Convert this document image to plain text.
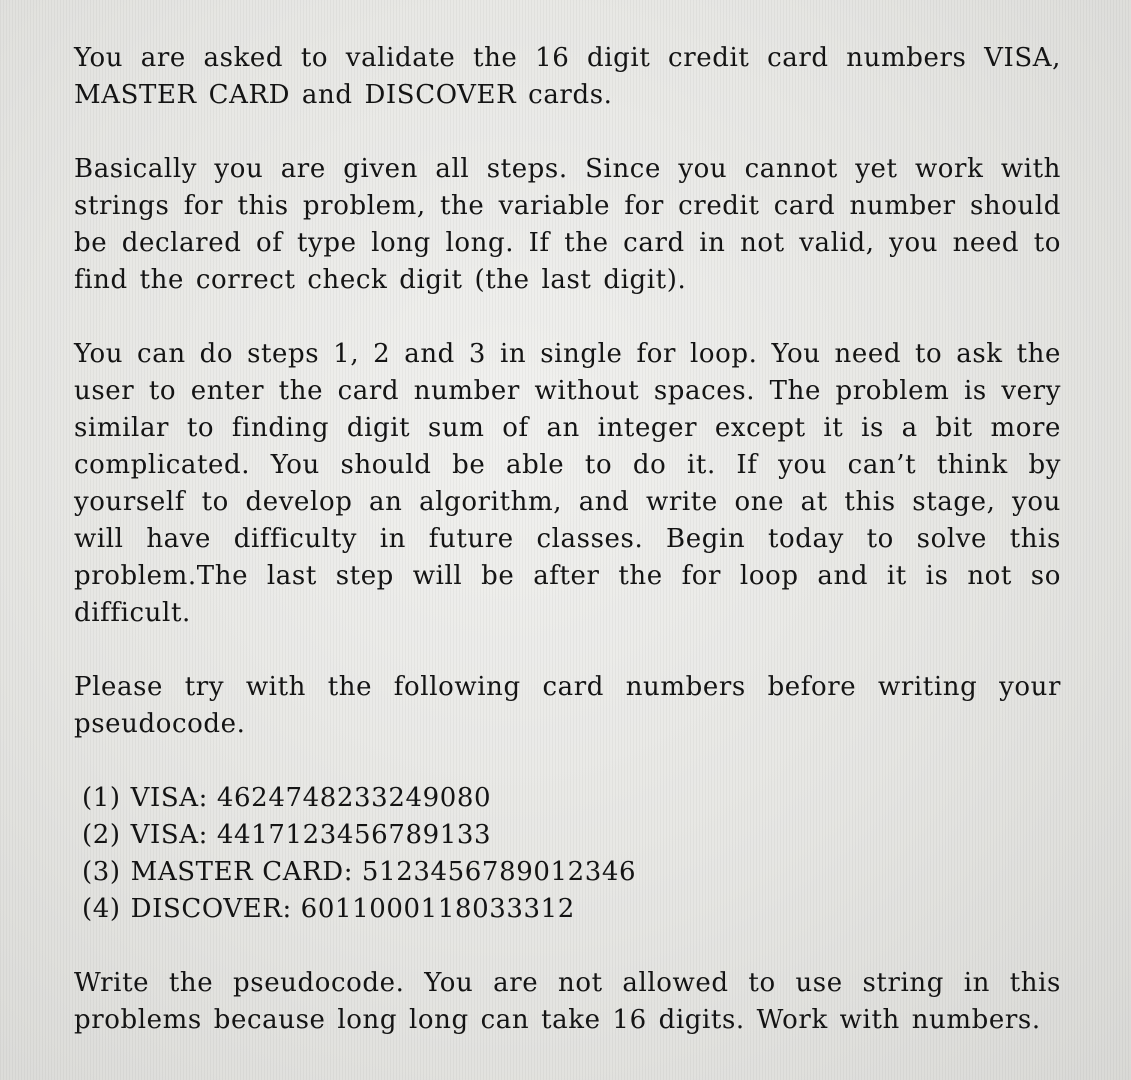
You are asked to validate the 16 digit credit card numbers VISA, MASTER CARD and DISCOVER cards.

Basically you are given all steps. Since you cannot yet work with strings for this problem, the variable for credit card number should be declared of type long long. If the card in not valid, you need to find the correct check digit (the last digit).

You can do steps 1, 2 and 3 in single for loop. You need to ask the user to enter the card number without spaces. The problem is very similar to finding digit sum of an integer except it is a bit more complicated. You should be able to do it. If you can’t think by yourself to develop an algorithm, and write one at this stage, you will have difficulty in future classes. Begin today to solve this problem.The last step will be after the for loop and it is not so difficult.

Please try with the following card numbers before writing your pseudocode.

(1) VISA: 4624748233249080
(2) VISA: 4417123456789133
(3) MASTER CARD: 5123456789012346
(4) DISCOVER: 6011000118033312

Write the pseudocode. You are not allowed to use string in this problems because long long can take 16 digits. Work with numbers.
